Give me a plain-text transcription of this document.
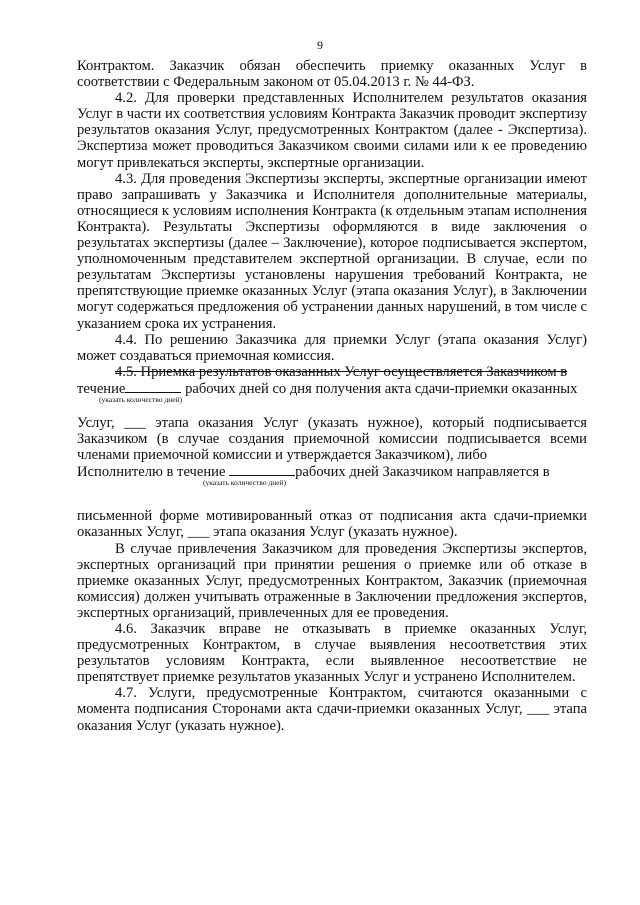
9

Контрактом. Заказчик обязан обеспечить приемку оказанных Услуг в соответствии с Федеральным законом от 05.04.2013 г. № 44-ФЗ.

4.2. Для проверки представленных Исполнителем результатов оказания Услуг в части их соответствия условиям Контракта Заказчик проводит экспертизу результатов оказания Услуг, предусмотренных Контрактом (далее - Экспертиза). Экспертиза может проводиться Заказчиком своими силами или к ее проведению могут привлекаться эксперты, экспертные организации.

4.3. Для проведения Экспертизы эксперты, экспертные организации имеют право запрашивать у Заказчика и Исполнителя дополнительные материалы, относящиеся к условиям исполнения Контракта (к отдельным этапам исполнения Контракта). Результаты Экспертизы оформляются в виде заключения о результатах экспертизы (далее – Заключение), которое подписывается экспертом, уполномоченным представителем экспертной организации. В случае, если по результатам Экспертизы установлены нарушения требований Контракта, не препятствующие приемке оказанных Услуг (этапа оказания Услуг), в Заключении могут содержаться предложения об устранении данных нарушений, в том числе с указанием срока их устранения.

4.4. По решению Заказчика для приемки Услуг (этапа оказания Услуг) может создаваться приемочная комиссия.

4.5. Приемка результатов оказанных Услуг осуществляется Заказчиком в

течение	рабочих дней со дня получения акта сдачи-приемки оказанных

(указать количество дней)

Услуг, ___ этапа оказания Услуг (указать нужное), который подписывается Заказчиком (в случае создания приемочной комиссии подписывается всеми членами приемочной комиссии и утверждается Заказчиком), либо

Исполнителю в течение	рабочих дней Заказчиком направляется в

(указать количество дней)

письменной форме мотивированный отказ от подписания акта сдачи-приемки оказанных Услуг, ___ этапа оказания Услуг (указать нужное).

В случае привлечения Заказчиком для проведения Экспертизы экспертов, экспертных организаций при принятии решения о приемке или об отказе в приемке оказанных Услуг, предусмотренных Контрактом, Заказчик (приемочная комиссия) должен учитывать отраженные в Заключении предложения экспертов, экспертных организаций, привлеченных для ее проведения.

4.6. Заказчик вправе не отказывать в приемке оказанных Услуг, предусмотренных Контрактом, в случае выявления несоответствия этих результатов условиям Контракта, если выявленное несоответствие не препятствует приемке результатов указанных Услуг и устранено Исполнителем.

4.7. Услуги, предусмотренные Контрактом, считаются оказанными с момента подписания Сторонами акта сдачи-приемки оказанных Услуг, ___ этапа оказания Услуг (указать нужное).
